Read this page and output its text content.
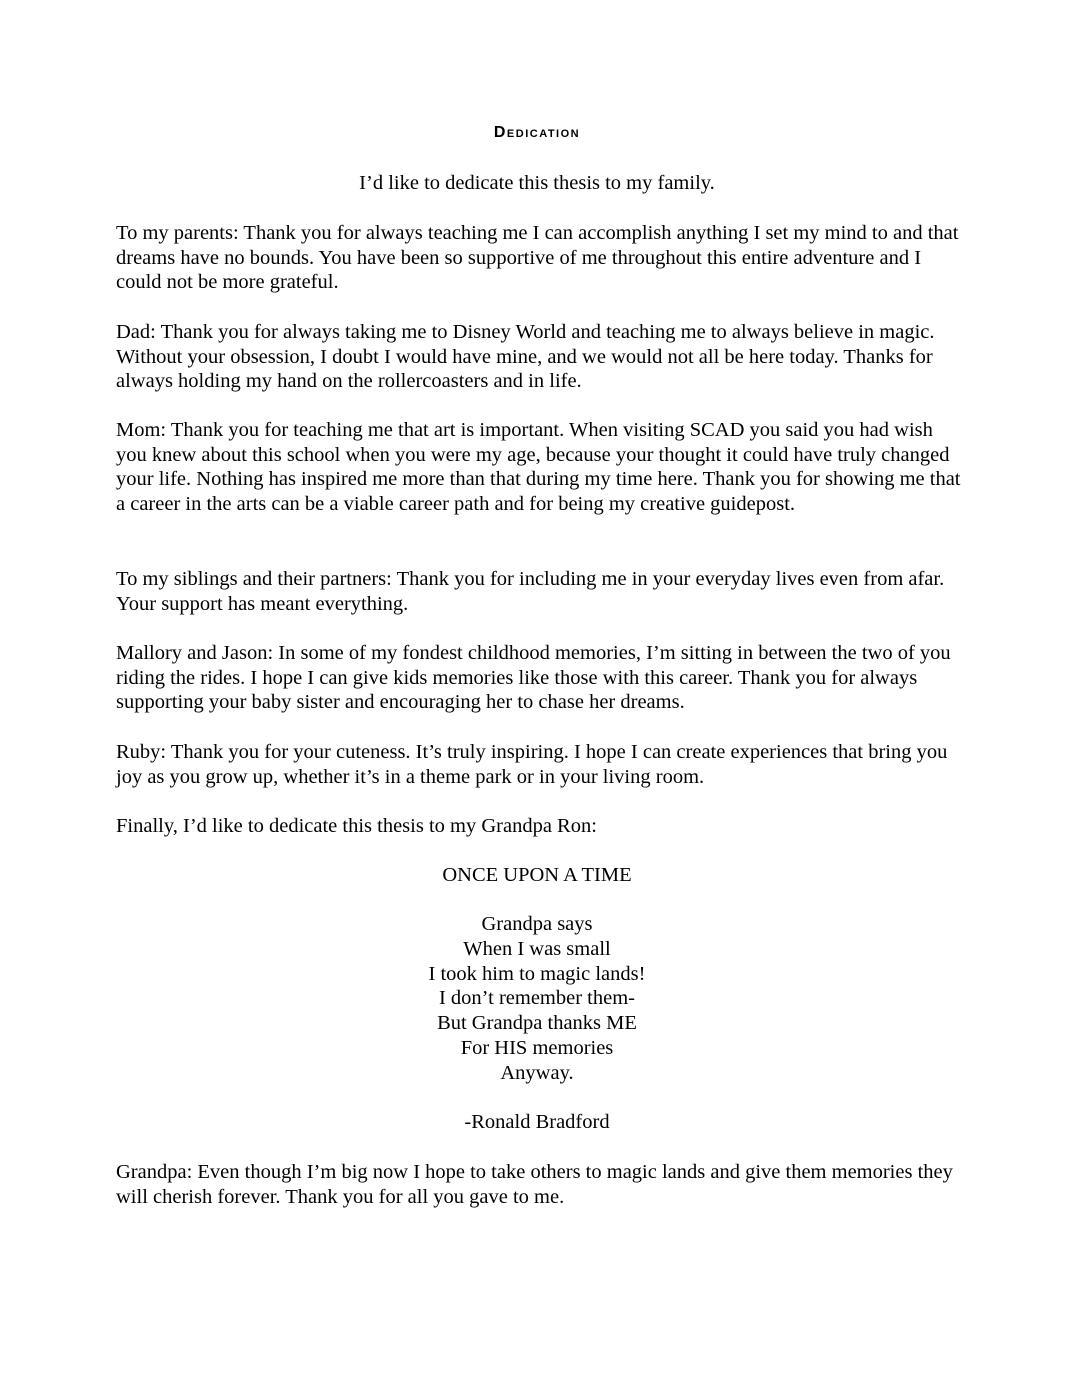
Dedication
I’d like to dedicate this thesis to my family.

To my parents: Thank you for always teaching me I can accomplish anything I set my mind to and that dreams have no bounds. You have been so supportive of me throughout this entire adventure and I could not be more grateful.

Dad: Thank you for always taking me to Disney World and teaching me to always believe in magic. Without your obsession, I doubt I would have mine, and we would not all be here today. Thanks for always holding my hand on the rollercoasters and in life.

Mom: Thank you for teaching me that art is important. When visiting SCAD you said you had wish you knew about this school when you were my age, because your thought it could have truly changed your life. Nothing has inspired me more than that during my time here. Thank you for showing me that a career in the arts can be a viable career path and for being my creative guidepost.

To my siblings and their partners: Thank you for including me in your everyday lives even from afar. Your support has meant everything.

Mallory and Jason: In some of my fondest childhood memories, I’m sitting in between the two of you riding the rides. I hope I can give kids memories like those with this career. Thank you for always supporting your baby sister and encouraging her to chase her dreams.

Ruby: Thank you for your cuteness. It’s truly inspiring. I hope I can create experiences that bring you joy as you grow up, whether it’s in a theme park or in your living room.

Finally, I’d like to dedicate this thesis to my Grandpa Ron:

ONCE UPON A TIME
Grandpa says
When I was small
I took him to magic lands!
I don’t remember them-
But Grandpa thanks ME
For HIS memories
Anyway.
-Ronald Bradford

Grandpa: Even though I’m big now I hope to take others to magic lands and give them memories they will cherish forever. Thank you for all you gave to me.
